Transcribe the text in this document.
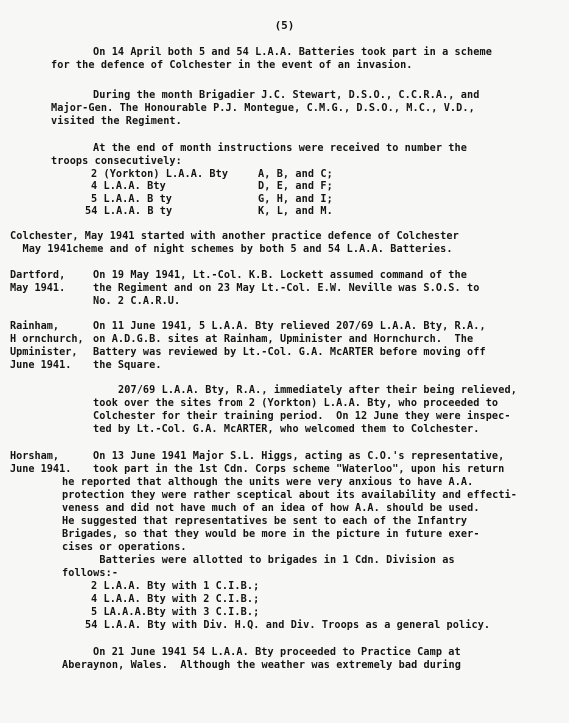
(5)
On 14 April both 5 and 54 L.A.A. Batteries took part in a scheme
for the defence of Colchester in the event of an invasion.
During the month Brigadier J.C. Stewart, D.S.O., C.C.R.A., and
Major-Gen. The Honourable P.J. Montegue, C.M.G., D.S.O., M.C., V.D.,
visited the Regiment.
At the end of month instructions were received to number the
troops consecutively:
2 (Yorkton) L.A.A. Bty	A, B, and C;
4 L.A.A. Bty	D, E, and F;
5 L.A.A. B ty	G, H, and I;
54 L.A.A. B ty	K, L, and M.
Colchester, May 1941 started with another practice defence of Colchester
May 1941cheme and of night schemes by both 5 and 54 L.A.A. Batteries.
Dartford,
May 1941.
On 19 May 1941, Lt.-Col. K.B. Lockett assumed command of the
the Regiment and on 23 May Lt.-Col. E.W. Neville was S.O.S. to
No. 2 C.A.R.U.
Rainham,
H ornchurch,
Upminister,
June 1941.
On 11 June 1941, 5 L.A.A. Bty relieved 207/69 L.A.A. Bty, R.A.,
on A.D.G.B. sites at Rainham, Upminister and Hornchurch.  The
Battery was reviewed by Lt.-Col. G.A. McARTER before moving off
the Square.
207/69 L.A.A. Bty, R.A., immediately after their being relieved,
took over the sites from 2 (Yorkton) L.A.A. Bty, who proceeded to
Colchester for their training period.  On 12 June they were inspec-
ted by Lt.-Col. G.A. McARTER, who welcomed them to Colchester.
Horsham,
June 1941.
On 13 June 1941 Major S.L. Higgs, acting as C.O.'s representative,
took part in the 1st Cdn. Corps scheme "Waterloo", upon his return
he reported that although the units were very anxious to have A.A.
protection they were rather sceptical about its availability and effecti-
veness and did not have much of an idea of how A.A. should be used.
He suggested that representatives be sent to each of the Infantry
Brigades, so that they would be more in the picture in future exer-
cises or operations.
Batteries were allotted to brigades in 1 Cdn. Division as
follows:-
2 L.A.A. Bty with 1 C.I.B.;
4 L.A.A. Bty with 2 C.I.B.;
5 LA.A.A.Bty with 3 C.I.B.;
54 L.A.A. Bty with Div. H.Q. and Div. Troops as a general policy.
On 21 June 1941 54 L.A.A. Bty proceeded to Practice Camp at
Aberaynon, Wales.  Although the weather was extremely bad during
